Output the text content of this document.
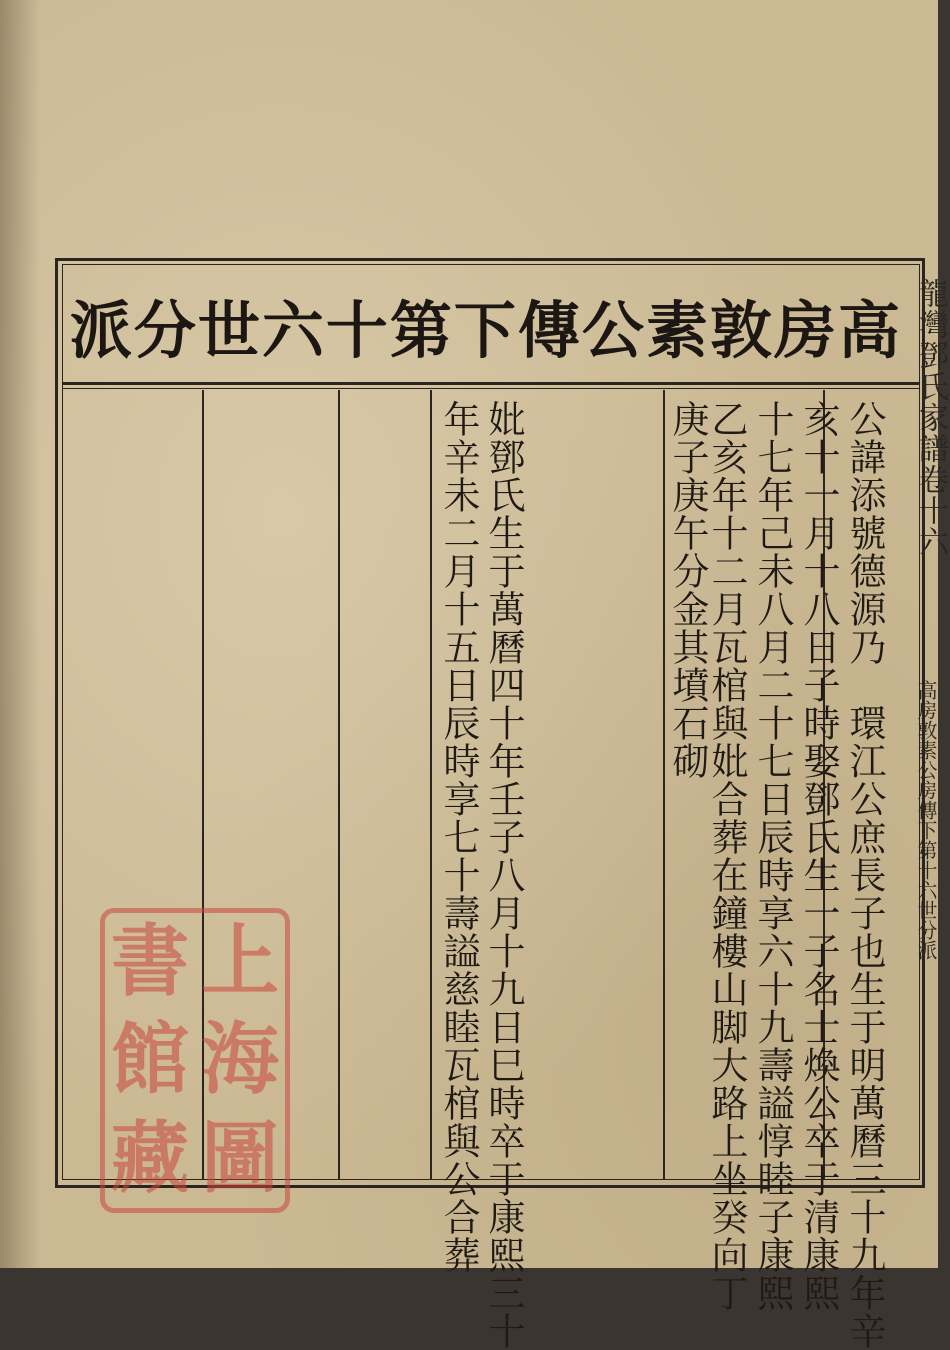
高
房
敦
素
公
傳
下
第
十
六
世
分
派
公諱添號德源乃　環江公庶長子也生于明萬曆三十九年辛
亥十一月十八日子時娶鄧氏生一子名士煥公卒于清康熙
十七年己未八月二十七日辰時享六十九壽謚惇睦子康熙
乙亥年十二月瓦棺與妣合葬在鐘樓山脚大路上坐癸向丁
庚子庚午分金其墳石砌
妣鄧氏生于萬曆四十年壬子八月十九日巳時卒于康熙三十
年辛未二月十五日辰時享七十壽謚慈睦瓦棺與公合葬
龍灣鄧氏家譜卷十六
高房敦素公房傳下第十六世分派
書 上
館 海
藏 圖
